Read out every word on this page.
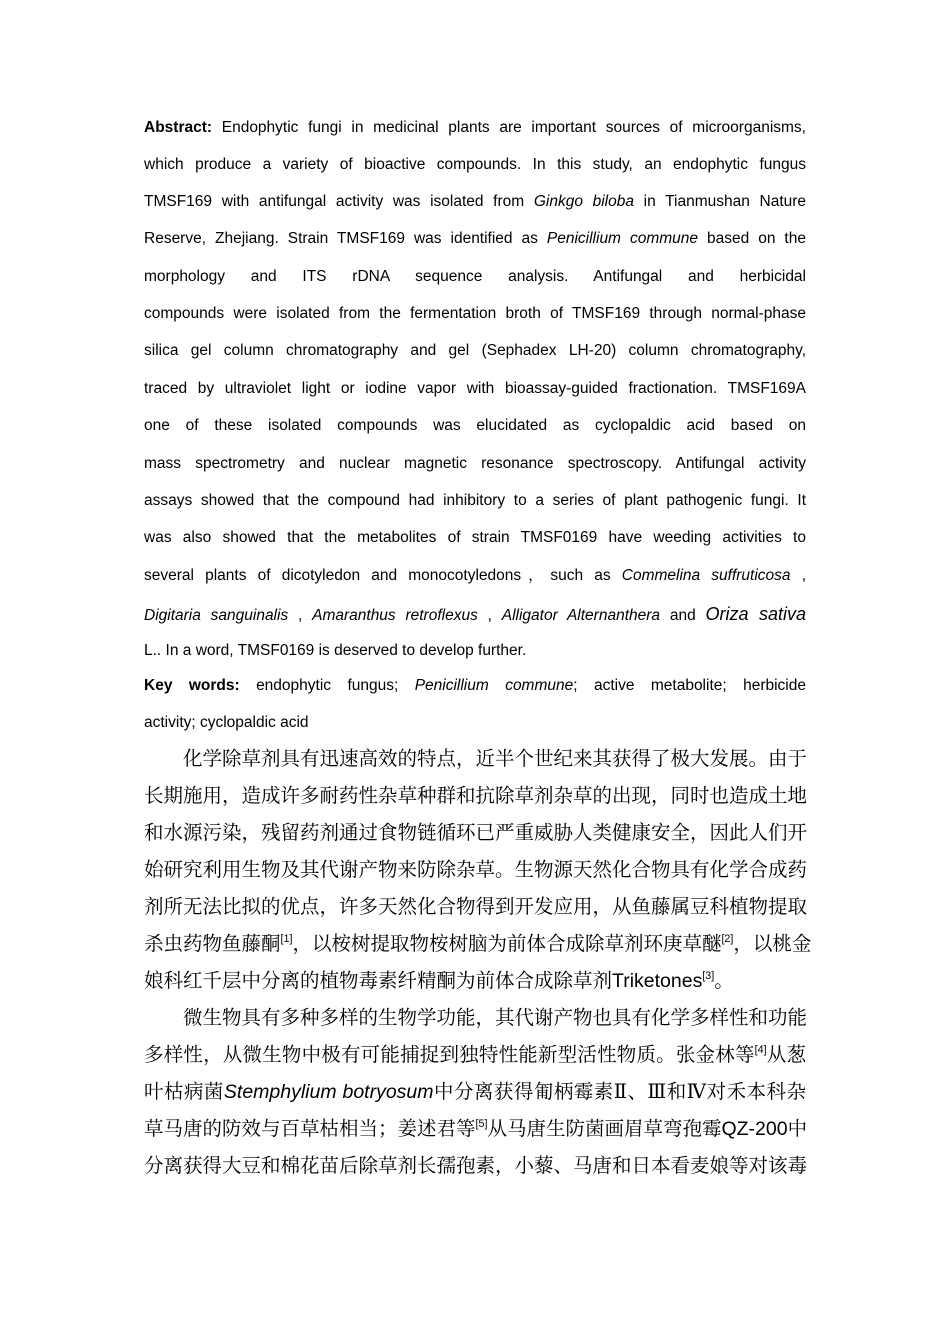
Abstract: Endophytic fungi in medicinal plants are important sources of microorganisms,
which produce a variety of bioactive compounds. In this study, an endophytic fungus
TMSF169 with antifungal activity was isolated from Ginkgo biloba in Tianmushan Nature
Reserve, Zhejiang. Strain TMSF169 was identified as Penicillium commune based on the
morphology and ITS rDNA sequence analysis. Antifungal and herbicidal
compounds were isolated from the fermentation broth of TMSF169 through normal-phase
silica gel column chromatography and gel (Sephadex LH-20) column chromatography,
traced by ultraviolet light or iodine vapor with bioassay-guided fractionation. TMSF169A
one of these isolated compounds was elucidated as cyclopaldic acid based on
mass spectrometry and nuclear magnetic resonance spectroscopy. Antifungal activity
assays showed that the compound had inhibitory to a series of plant pathogenic fungi. It
was also showed that the metabolites of strain TMSF0169 have weeding activities to
several plants of dicotyledon and monocotyledons，such as Commelina suffruticosa ,
Digitaria sanguinalis , Amaranthus retroflexus , Alligator Alternanthera and Oriza sativa
L.. In a word, TMSF0169 is deserved to develop further.
Key words: endophytic fungus; Penicillium commune; active metabolite; herbicide
activity; cyclopaldic acid
化学除草剂具有迅速高效的特点，近半个世纪来其获得了极大发展。由于
长期施用，造成许多耐药性杂草种群和抗除草剂杂草的出现，同时也造成土地
和水源污染，残留药剂通过食物链循环已严重威胁人类健康安全，因此人们开
始研究利用生物及其代谢产物来防除杂草。生物源天然化合物具有化学合成药
剂所无法比拟的优点，许多天然化合物得到开发应用，从鱼藤属豆科植物提取
杀虫药物鱼藤酮[1]，以桉树提取物桉树脑为前体合成除草剂环庚草醚[2]，以桃金
娘科红千层中分离的植物毒素纤精酮为前体合成除草剂Triketones[3]。
微生物具有多种多样的生物学功能，其代谢产物也具有化学多样性和功能
多样性，从微生物中极有可能捕捉到独特性能新型活性物质。张金林等[4]从葱
叶枯病菌Stemphylium botryosum中分离获得匍柄霉素Ⅱ、Ⅲ和Ⅳ对禾本科杂
草马唐的防效与百草枯相当；姜述君等[5]从马唐生防菌画眉草弯孢霉QZ-200中
分离获得大豆和棉花苗后除草剂长孺孢素，小藜、马唐和日本看麦娘等对该毒
